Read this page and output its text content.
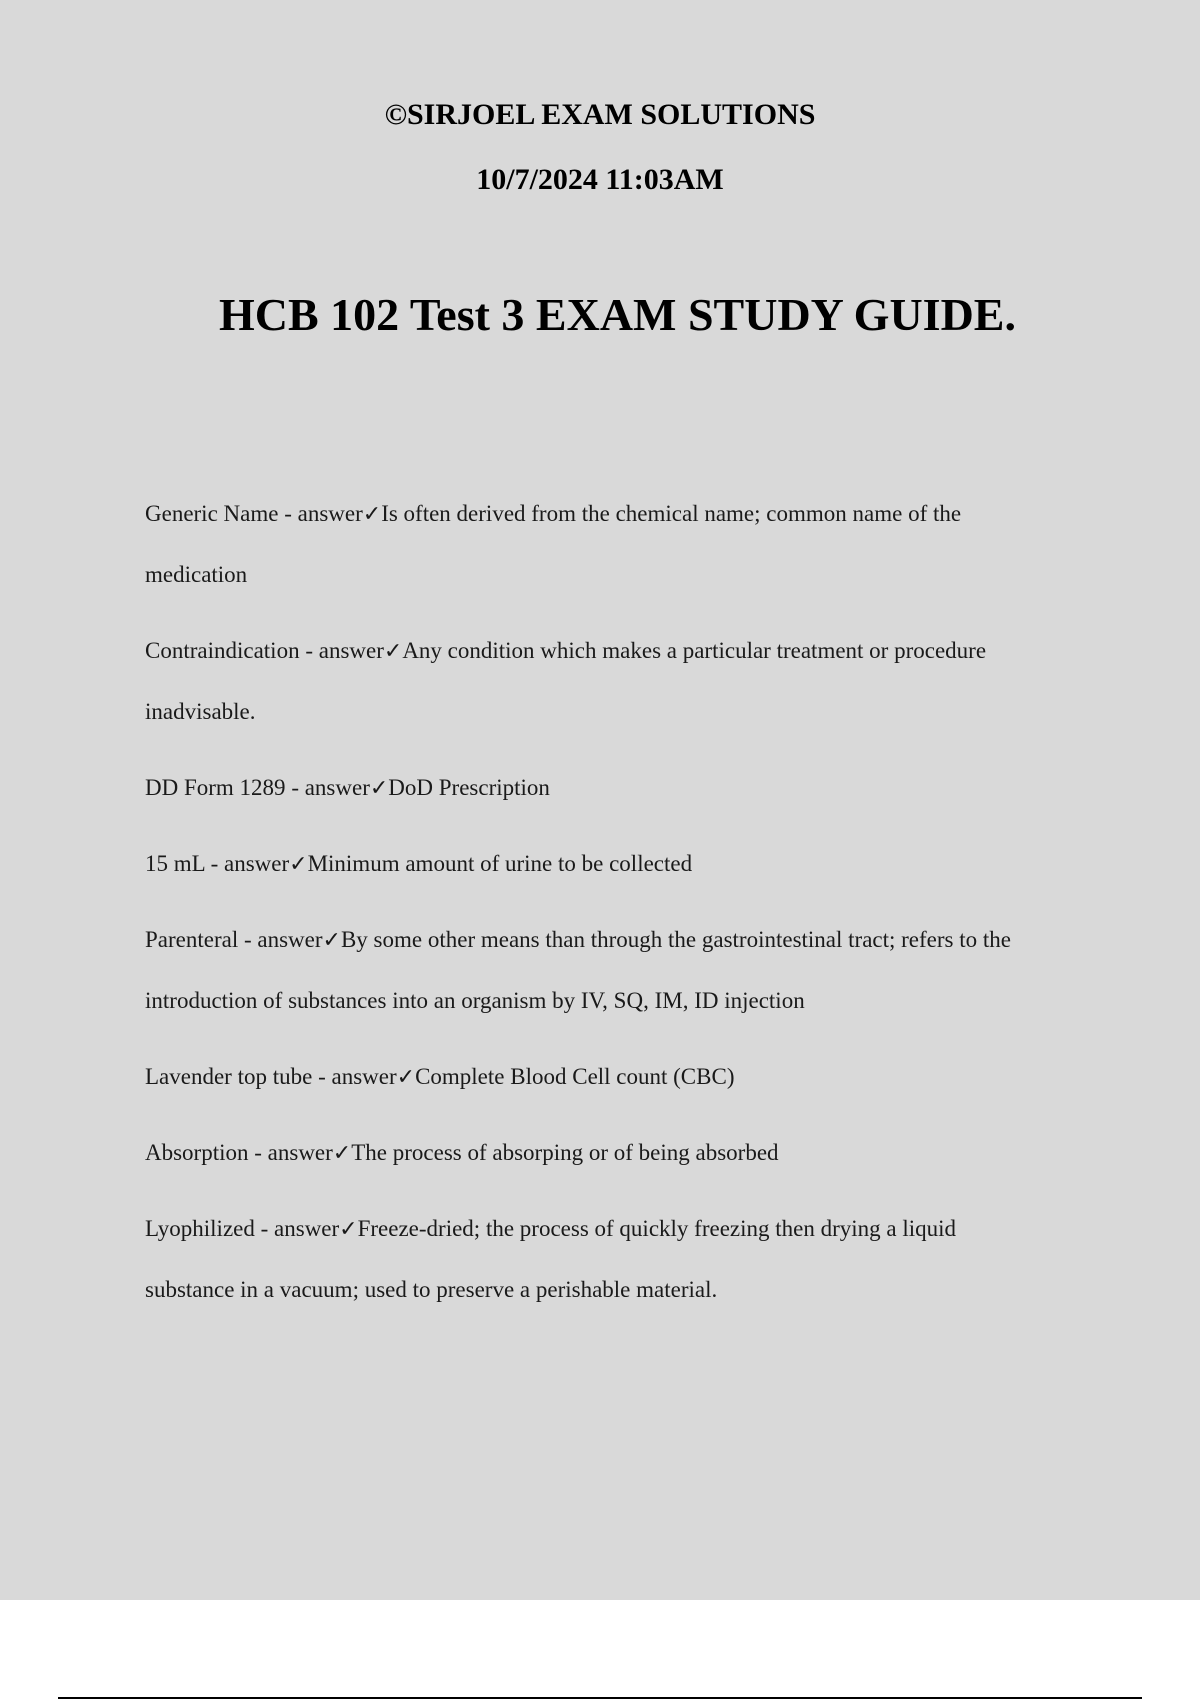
©SIRJOEL EXAM SOLUTIONS
10/7/2024 11:03AM
HCB 102 Test 3 EXAM STUDY GUIDE.
Generic Name - answer✓Is often derived from the chemical name; common name of the
medication
Contraindication - answer✓Any condition which makes a particular treatment or procedure
inadvisable.
DD Form 1289 - answer✓DoD Prescription
15 mL - answer✓Minimum amount of urine to be collected
Parenteral - answer✓By some other means than through the gastrointestinal tract; refers to the
introduction of substances into an organism by IV, SQ, IM, ID injection
Lavender top tube - answer✓Complete Blood Cell count (CBC)
Absorption - answer✓The process of absorping or of being absorbed
Lyophilized - answer✓Freeze-dried; the process of quickly freezing then drying a liquid
substance in a vacuum; used to preserve a perishable material.
